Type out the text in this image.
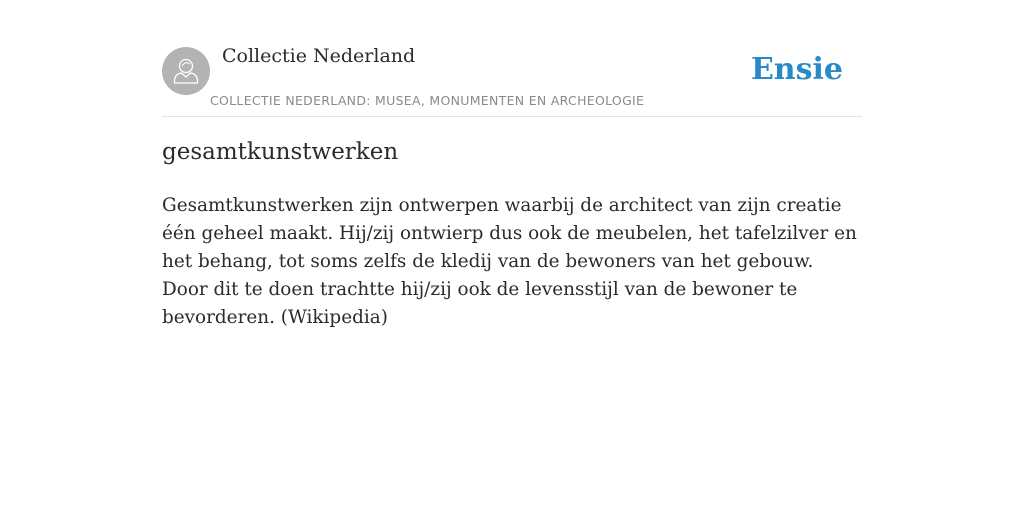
Collectie Nederland
COLLECTIE NEDERLAND: MUSEA, MONUMENTEN EN ARCHEOLOGIE
Ensie
gesamtkunstwerken

Gesamtkunstwerken zijn ontwerpen waarbij de architect van zijn creatie één geheel maakt. Hij/zij ontwierp dus ook de meubelen, het tafelzilver en het behang, tot soms zelfs de kledij van de bewoners van het gebouw. Door dit te doen trachtte hij/zij ook de levensstijl van de bewoner te bevorderen. (Wikipedia)
